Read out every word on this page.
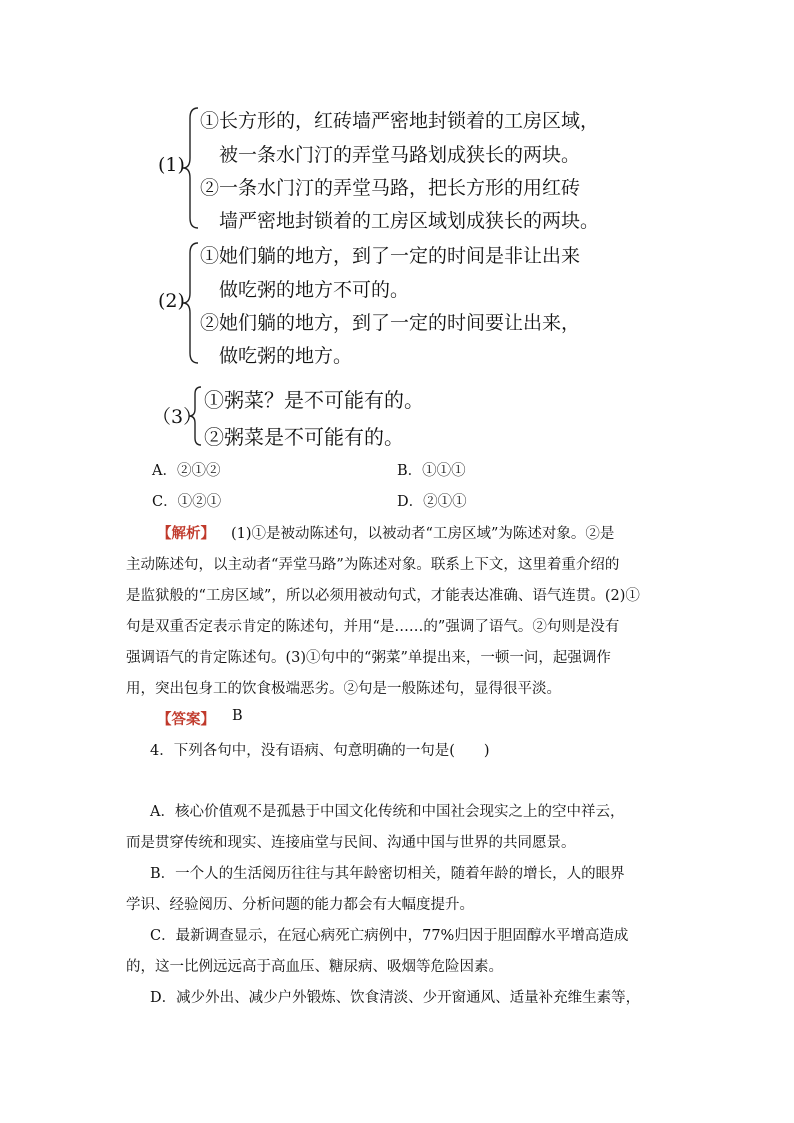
(1)
①长方形的，红砖墙严密地封锁着的工房区域，
被一条水门汀的弄堂马路划成狭长的两块。
②一条水门汀的弄堂马路，把长方形的用红砖
墙严密地封锁着的工房区域划成狭长的两块。
(2)
①她们躺的地方，到了一定的时间是非让出来
做吃粥的地方不可的。
②她们躺的地方，到了一定的时间要让出来，
做吃粥的地方。
（3）
①粥菜？是不可能有的。
②粥菜是不可能有的。
A．②①②	B．①①①
C．①②①	D．②①①
【解析】 (1)①是被动陈述句，以被动者“工房区域”为陈述对象。②是
主动陈述句，以主动者“弄堂马路”为陈述对象。联系上下文，这里着重介绍的
是监狱般的“工房区域”，所以必须用被动句式，才能表达准确、语气连贯。(2)①
句是双重否定表示肯定的陈述句，并用“是……的”强调了语气。②句则是没有
强调语气的肯定陈述句。(3)①句中的“粥菜”单提出来，一顿一问，起强调作
用，突出包身工的饮食极端恶劣。②句是一般陈述句，显得很平淡。
【答案】 B
4．下列各句中，没有语病、句意明确的一句是(　　)
A．核心价值观不是孤悬于中国文化传统和中国社会现实之上的空中祥云，
而是贯穿传统和现实、连接庙堂与民间、沟通中国与世界的共同愿景。
B．一个人的生活阅历往往与其年龄密切相关，随着年龄的增长，人的眼界
学识、经验阅历、分析问题的能力都会有大幅度提升。
C．最新调查显示，在冠心病死亡病例中，77%归因于胆固醇水平增高造成
的，这一比例远远高于高血压、糖尿病、吸烟等危险因素。
D．减少外出、减少户外锻炼、饮食清淡、少开窗通风、适量补充维生素等，
